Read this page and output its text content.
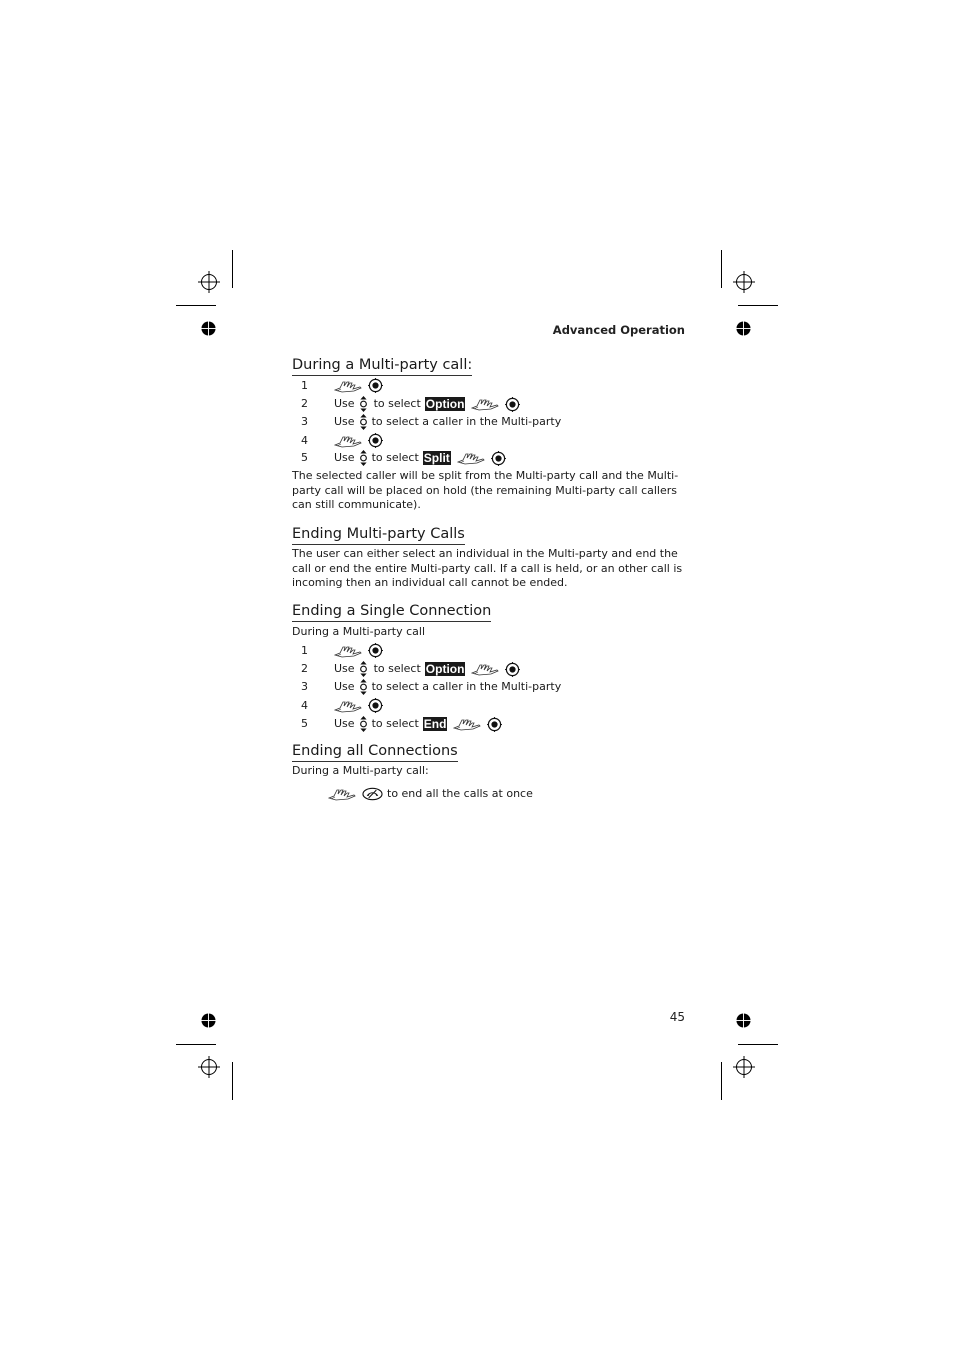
Advanced Operation
During a Multi-party call:
1
2 Use to select Option
3 Use to select a caller in the Multi-party
4
5 Use to select Split
The selected caller will be split from the Multi-party call and the Multi-party call will be placed on hold (the remaining Multi-party call callers can still communicate).
Ending Multi-party Calls
The user can either select an individual in the Multi-party and end the call or end the entire Multi-party call. If a call is held, or an other call is incoming then an individual call cannot be ended.
Ending a Single Connection
During a Multi-party call
1
2 Use to select Option
3 Use to select a caller in the Multi-party
4
5 Use to select End
Ending all Connections
During a Multi-party call:
to end all the calls at once
45
